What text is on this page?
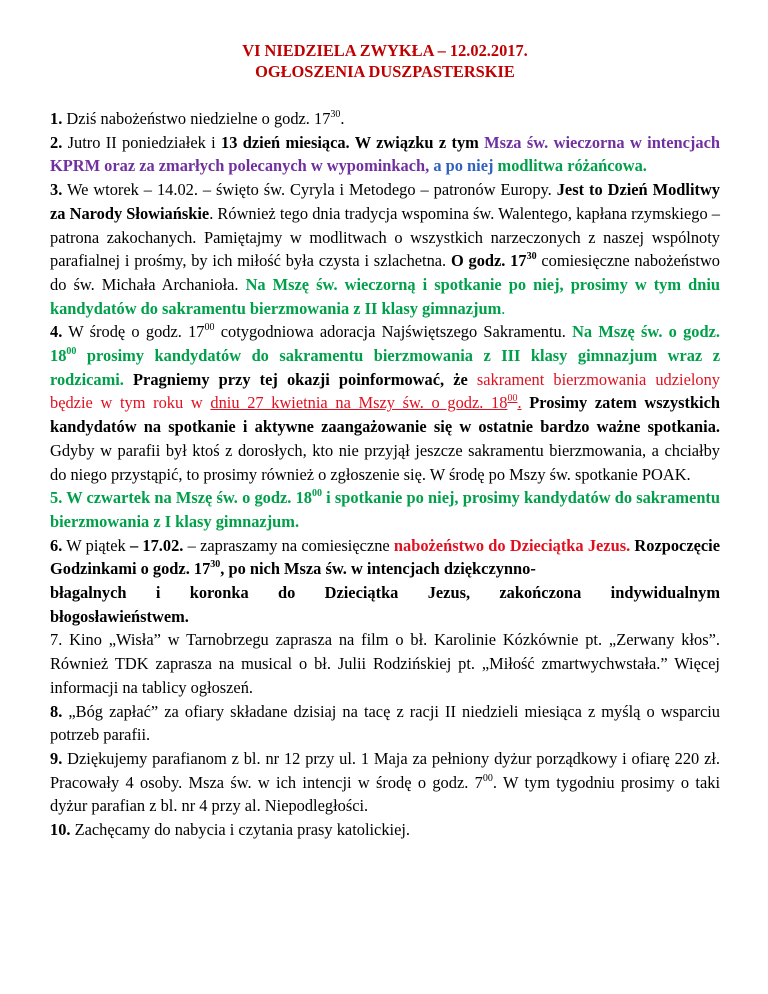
VI NIEDZIELA ZWYKŁA – 12.02.2017.
OGŁOSZENIA DUSZPASTERSKIE

1. Dziś nabożeństwo niedzielne o godz. $17^{30}$.

2. Jutro II poniedziałek i 13 dzień miesiąca. W związku z tym Msza św. wieczorna w intencjach KPRM oraz za zmarłych polecanych w wypominkach, a po niej modlitwa różańcowa.

3. We wtorek – 14.02. – święto św. Cyryla i Metodego – patronów Europy. Jest to Dzień Modlitwy za Narody Słowiańskie. Również tego dnia tradycja wspomina św. Walentego, kapłana rzymskiego – patrona zakochanych. Pamiętajmy w modlitwach o wszystkich narzeczonych z naszej wspólnoty parafialnej i prośmy, by ich miłość była czysta i szlachetna. O godz. $17^{30}$ comiesięczne nabożeństwo do św. Michała Archanioła. Na Mszę św. wieczorną i spotkanie po niej, prosimy w tym dniu kandydatów do sakramentu bierzmowania z II klasy gimnazjum.

4. W środę o godz. $17^{00}$ cotygodniowa adoracja Najświętszego Sakramentu. Na Mszę św. o godz. $18^{00}$ prosimy kandydatów do sakramentu bierzmowania z III klasy gimnazjum wraz z rodzicami. Pragniemy przy tej okazji poinformować, że sakrament bierzmowania udzielony będzie w tym roku w dniu 27 kwietnia na Mszy św. o godz. $18^{00}$. Prosimy zatem wszystkich kandydatów na spotkanie i aktywne zaangażowanie się w ostatnie bardzo ważne spotkania. Gdyby w parafii był ktoś z dorosłych, kto nie przyjął jeszcze sakramentu bierzmowania, a chciałby do niego przystąpić, to prosimy również o zgłoszenie się. W środę po Mszy św. spotkanie POAK.

5. W czwartek na Mszę św. o godz. $18^{00}$ i spotkanie po niej, prosimy kandydatów do sakramentu bierzmowania z I klasy gimnazjum.

6. W piątek – 17.02. – zapraszamy na comiesięczne nabożeństwo do Dzieciątka Jezus. Rozpoczęcie Godzinkami o godz. $17^{30}$, po nich Msza św. w intencjach dziękczynno-

błagalnych i koronka do Dzieciątka Jezus, zakończona indywidualnym

błogosławieństwem.

7. Kino „Wisła” w Tarnobrzegu zaprasza na film o bł. Karolinie Kózkównie pt. „Zerwany kłos”. Również TDK zaprasza na musical o bł. Julii Rodzińskiej pt. „Miłość zmartwychwstała.” Więcej informacji na tablicy ogłoszeń.

8. „Bóg zapłać” za ofiary składane dzisiaj na tacę z racji II niedzieli miesiąca z myślą o wsparciu potrzeb parafii.

9. Dziękujemy parafianom z bl. nr 12 przy ul. 1 Maja za pełniony dyżur porządkowy i ofiarę 220 zł. Pracowały 4 osoby. Msza św. w ich intencji w środę o godz. $7^{00}$. W tym tygodniu prosimy o taki dyżur parafian z bl. nr 4 przy al. Niepodległości.

10. Zachęcamy do nabycia i czytania prasy katolickiej.
